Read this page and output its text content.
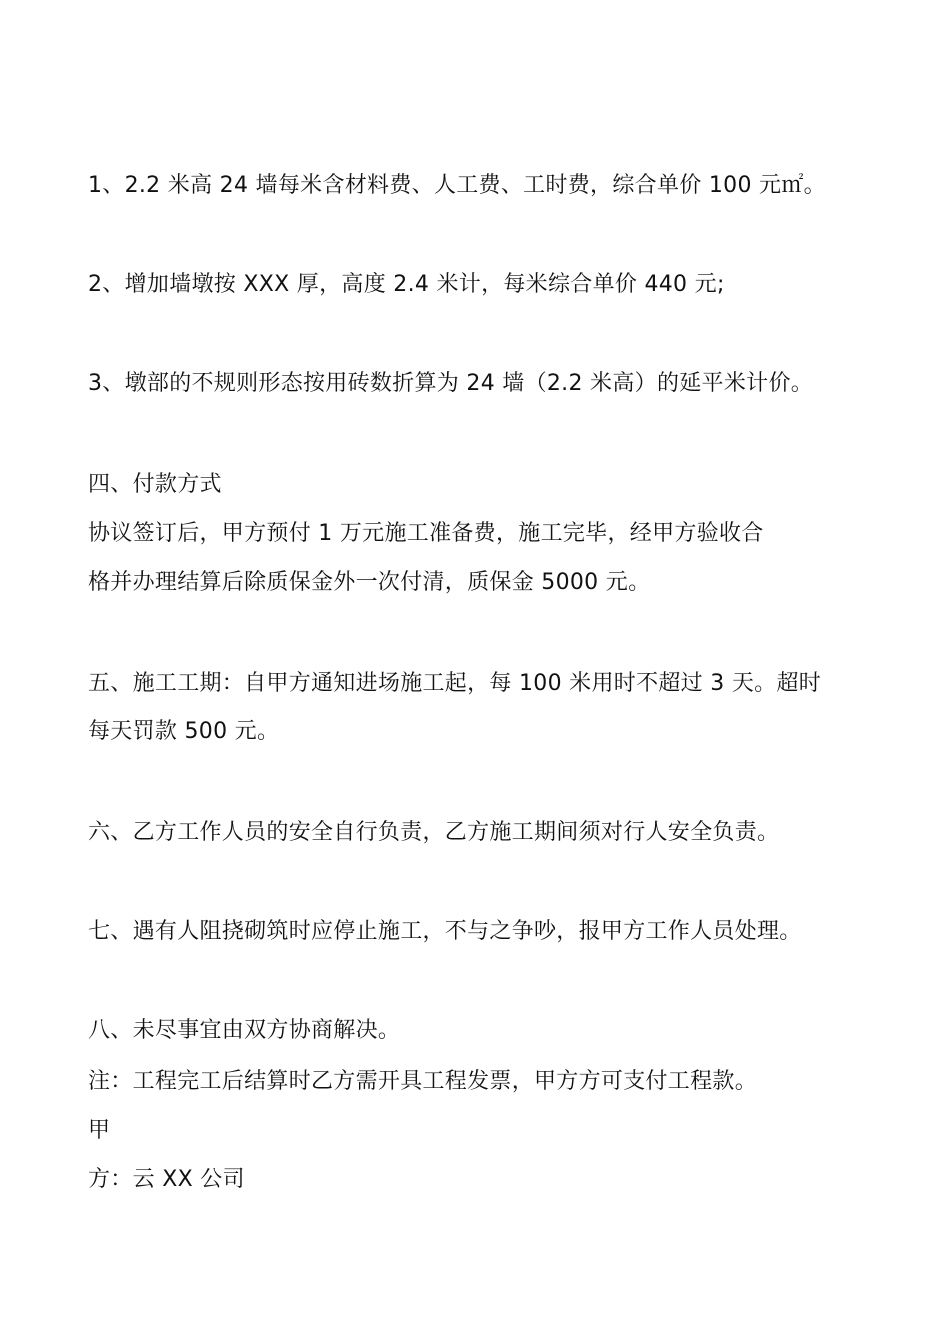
1、2.2 米高 24 墙每米含材料费、人工费、工时费，综合单价 100 元㎡。
2、增加墙墩按 XXX 厚，高度 2.4 米计，每米综合单价 440 元;
3、墩部的不规则形态按用砖数折算为 24 墙（2.2 米高）的延平米计价。
四、付款方式
协议签订后，甲方预付 1 万元施工准备费，施工完毕，经甲方验收合
格并办理结算后除质保金外一次付清，质保金 5000 元。
五、施工工期：自甲方通知进场施工起，每 100 米用时不超过 3 天。超时
每天罚款 500 元。
六、乙方工作人员的安全自行负责，乙方施工期间须对行人安全负责。
七、遇有人阻挠砌筑时应停止施工，不与之争吵，报甲方工作人员处理。
八、未尽事宜由双方协商解决。
注：工程完工后结算时乙方需开具工程发票，甲方方可支付工程款。
甲
方：云 XX 公司
